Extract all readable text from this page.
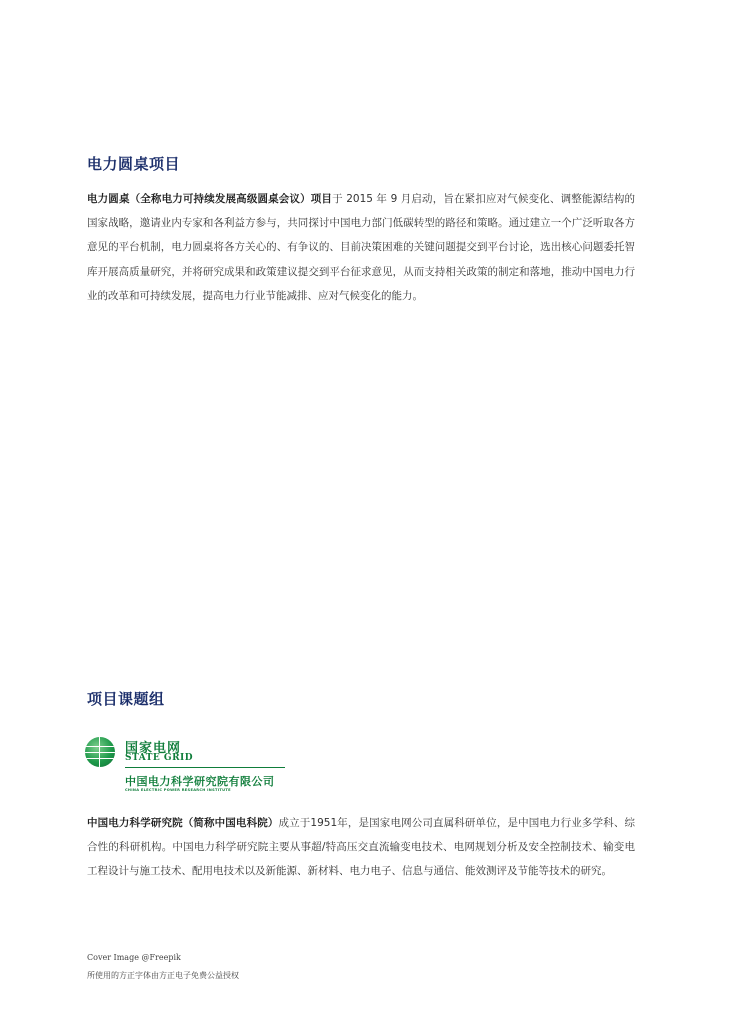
电力圆桌项目

电力圆桌（全称电力可持续发展高级圆桌会议）项目于 2015 年 9 月启动，旨在紧扣应对气候变化、调整能源结构的国家战略，邀请业内专家和各利益方参与，共同探讨中国电力部门低碳转型的路径和策略。通过建立一个广泛听取各方意见的平台机制，电力圆桌将各方关心的、有争议的、目前决策困难的关键问题提交到平台讨论，选出核心问题委托智库开展高质量研究，并将研究成果和政策建议提交到平台征求意见，从而支持相关政策的制定和落地，推动中国电力行业的改革和可持续发展，提高电力行业节能减排、应对气候变化的能力。

项目课题组
国家电网
STATE GRID
中国电力科学研究院有限公司
CHINA ELECTRIC POWER RESEARCH INSTITUTE

中国电力科学研究院（简称中国电科院）成立于1951年，是国家电网公司直属科研单位，是中国电力行业多学科、综合性的科研机构。中国电力科学研究院主要从事超/特高压交直流输变电技术、电网规划分析及安全控制技术、输变电工程设计与施工技术、配用电技术以及新能源、新材料、电力电子、信息与通信、能效测评及节能等技术的研究。

Cover Image @Freepik

所使用的方正字体由方正电子免费公益授权
